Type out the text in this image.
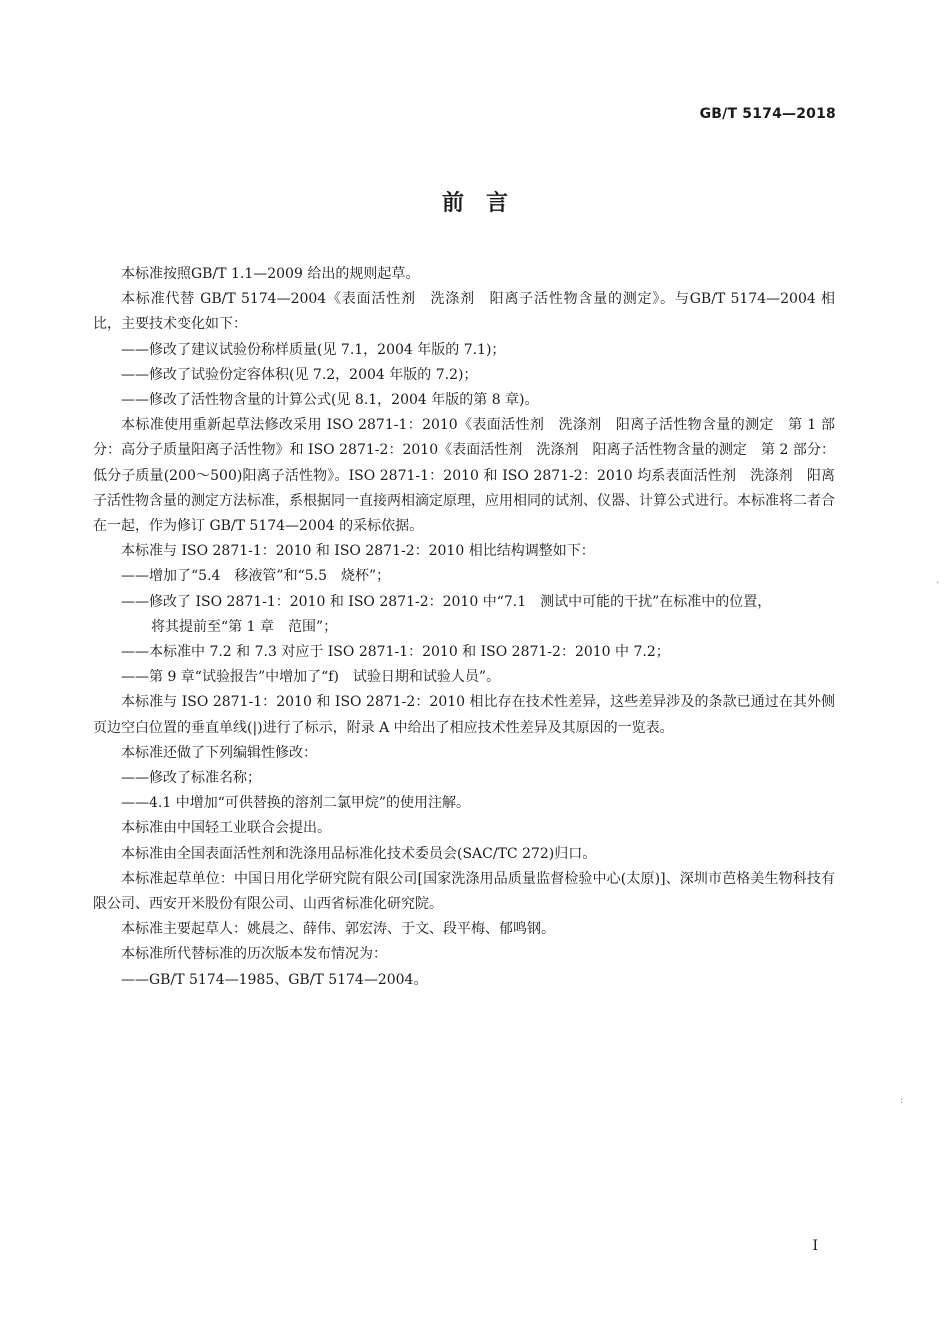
GB/T 5174—2018
前言

本标准按照GB/T 1.1—2009 给出的规则起草。

本标准代替 GB/T 5174—2004《表面活性剂　洗涤剂　阳离子活性物含量的测定》。与GB/T 5174—2004 相比，主要技术变化如下：

——修改了建议试验份称样质量(见 7.1，2004 年版的 7.1)；

——修改了试验份定容体积(见 7.2，2004 年版的 7.2)；

——修改了活性物含量的计算公式(见 8.1，2004 年版的第 8 章)。

本标准使用重新起草法修改采用 ISO 2871-1：2010《表面活性剂　洗涤剂　阳离子活性物含量的测定　第 1 部分：高分子质量阳离子活性物》和 ISO 2871-2：2010《表面活性剂　洗涤剂　阳离子活性物含量的测定　第 2 部分：低分子质量(200～500)阳离子活性物》。ISO 2871-1：2010 和 ISO 2871-2：2010 均系表面活性剂　洗涤剂　阳离子活性物含量的测定方法标准，系根据同一直接两相滴定原理，应用相同的试剂、仪器、计算公式进行。本标准将二者合在一起，作为修订 GB/T 5174—2004 的采标依据。

本标准与 ISO 2871-1：2010 和 ISO 2871-2：2010 相比结构调整如下：

——增加了“5.4　移液管”和“5.5　烧杯”；

——修改了 ISO 2871-1：2010 和 ISO 2871-2：2010 中“7.1　测试中可能的干扰”在标准中的位置，

将其提前至“第 1 章　范围”；

——本标准中 7.2 和 7.3 对应于 ISO 2871-1：2010 和 ISO 2871-2：2010 中 7.2；

——第 9 章“试验报告”中增加了“f)　试验日期和试验人员”。

本标准与 ISO 2871-1：2010 和 ISO 2871-2：2010 相比存在技术性差异，这些差异涉及的条款已通过在其外侧页边空白位置的垂直单线(|)进行了标示，附录 A 中给出了相应技术性差异及其原因的一览表。

本标准还做了下列编辑性修改：

——修改了标准名称；

——4.1 中增加“可供替换的溶剂二氯甲烷”的使用注解。

本标准由中国轻工业联合会提出。

本标准由全国表面活性剂和洗涤用品标准化技术委员会(SAC/TC 272)归口。

本标准起草单位：中国日用化学研究院有限公司[国家洗涤用品质量监督检验中心(太原)]、深圳市芭格美生物科技有限公司、西安开米股份有限公司、山西省标准化研究院。

本标准主要起草人：姚晨之、薛伟、郭宏涛、于文、段平梅、郁鸣钢。

本标准所代替标准的历次版本发布情况为：

——GB/T 5174—1985、GB/T 5174—2004。

I
·
:
